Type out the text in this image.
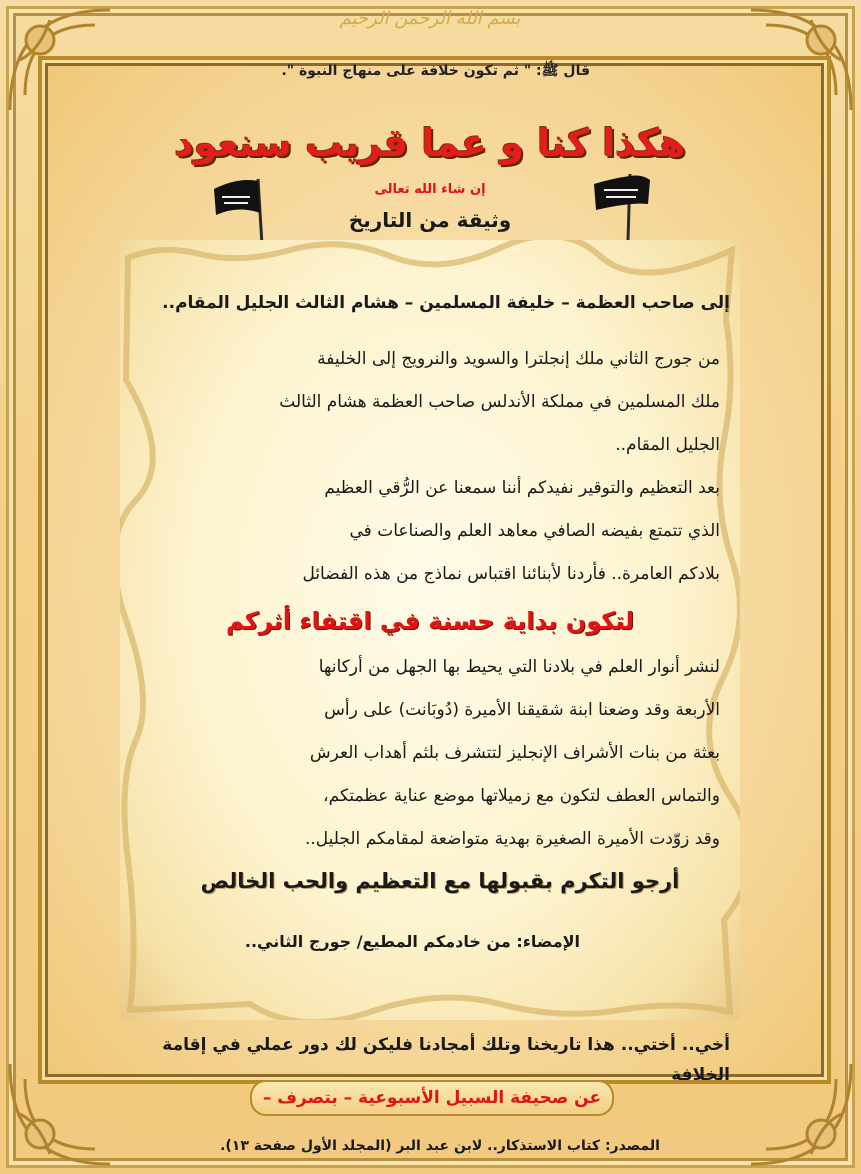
بسم الله الرحمن الرحيم
قال ﷺ: " ثم تكون خلافة على منهاج النبوة ".
هكذا كنا و عما قريب سنعود
إن شاء الله تعالى
وثيقة من التاريخ
إلى صاحب العظمة – خليفة المسلمين – هشام الثالث الجليل المقام..
من جورج الثاني ملك إنجلترا والسويد والنرويج إلى الخليفة
ملك المسلمين في مملكة الأندلس صاحب العظمة هشام الثالث
الجليل المقام..
بعد التعظيم والتوقير نفيدكم أننا سمعنا عن الرُّقي العظيم
الذي تتمتع بفيضه الصافي معاهد العلم والصناعات في
بلادكم العامرة.. فأردنا لأبنائنا اقتباس نماذج من هذه الفضائل
لتكون بداية حسنة في اقتفاء أثركم
لنشر أنوار العلم في بلادنا التي يحيط بها الجهل من أركانها
الأربعة وقد وضعنا ابنة شقيقنا الأميرة (دُوبَانت) على رأس
بعثة من بنات الأشراف الإنجليز لتتشرف بلثم أهداب العرش
والتماس العطف لتكون مع زميلاتها موضع عناية عظمتكم،
وقد زوّدت الأميرة الصغيرة بهدية متواضعة لمقامكم الجليل..
أرجو التكرم بقبولها مع التعظيم والحب الخالص
الإمضاء: من خادمكم المطيع/ جورج الثاني..
أخي.. أختي.. هذا تاريخنا وتلك أمجادنا فليكن لك دور عملي في إقامة الخلافة
عن صحيفة السبيل الأسبوعية – بتصرف –
المصدر: كتاب الاستذكار.. لابن عبد البر (المجلد الأول صفحة ١٣).
